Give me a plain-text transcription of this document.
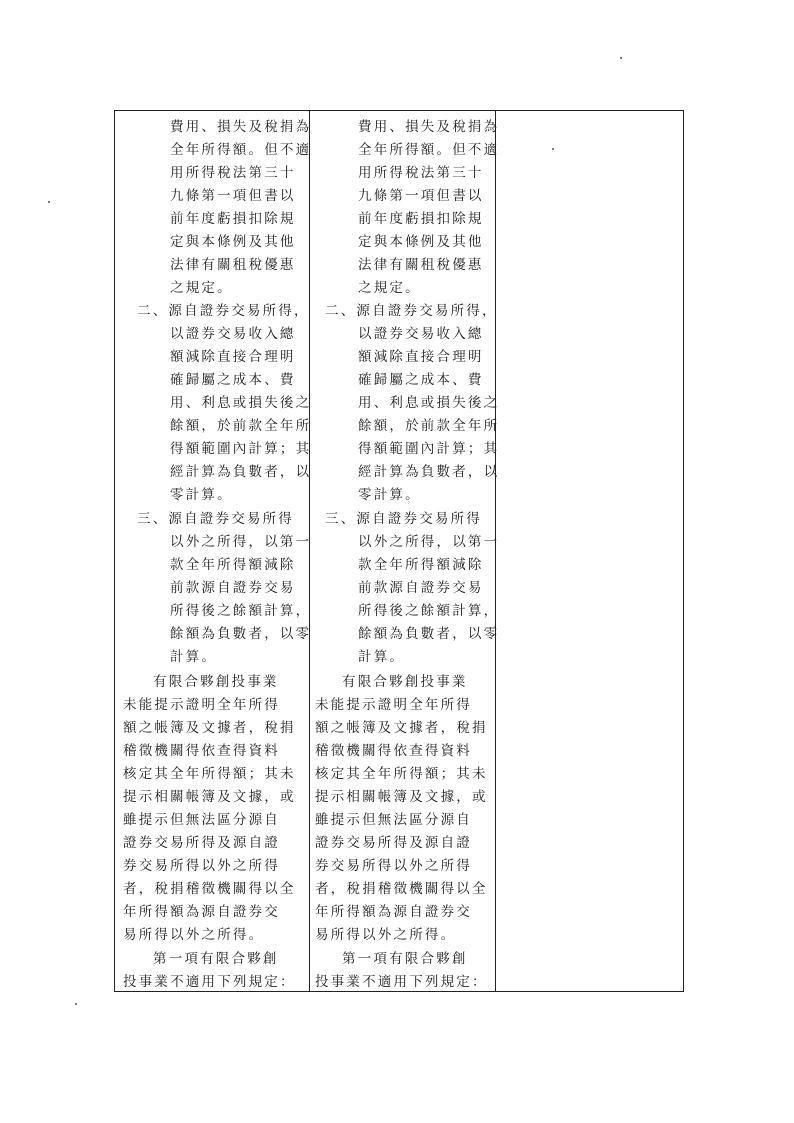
費用、損失及稅捐為
全年所得額。但不適
用所得稅法第三十
九條第一項但書以
前年度虧損扣除規
定與本條例及其他
法律有關租稅優惠
之規定。
二、源自證券交易所得，
以證券交易收入總
額減除直接合理明
確歸屬之成本、費
用、利息或損失後之
餘額，於前款全年所
得額範圍內計算；其
經計算為負數者，以
零計算。
三、源自證券交易所得
以外之所得，以第一
款全年所得額減除
前款源自證券交易
所得後之餘額計算，
餘額為負數者，以零
計算。
有限合夥創投事業
未能提示證明全年所得
額之帳簿及文據者，稅捐
稽徵機關得依查得資料
核定其全年所得額；其未
提示相關帳簿及文據，或
雖提示但無法區分源自
證券交易所得及源自證
券交易所得以外之所得
者，稅捐稽徵機關得以全
年所得額為源自證券交
易所得以外之所得。
第一項有限合夥創
投事業不適用下列規定：
費用、損失及稅捐為
全年所得額。但不適
用所得稅法第三十
九條第一項但書以
前年度虧損扣除規
定與本條例及其他
法律有關租稅優惠
之規定。
二、源自證券交易所得，
以證券交易收入總
額減除直接合理明
確歸屬之成本、費
用、利息或損失後之
餘額，於前款全年所
得額範圍內計算；其
經計算為負數者，以
零計算。
三、源自證券交易所得
以外之所得，以第一
款全年所得額減除
前款源自證券交易
所得後之餘額計算，
餘額為負數者，以零
計算。
有限合夥創投事業
未能提示證明全年所得
額之帳簿及文據者，稅捐
稽徵機關得依查得資料
核定其全年所得額；其未
提示相關帳簿及文據，或
雖提示但無法區分源自
證券交易所得及源自證
券交易所得以外之所得
者，稅捐稽徵機關得以全
年所得額為源自證券交
易所得以外之所得。
第一項有限合夥創
投事業不適用下列規定：
